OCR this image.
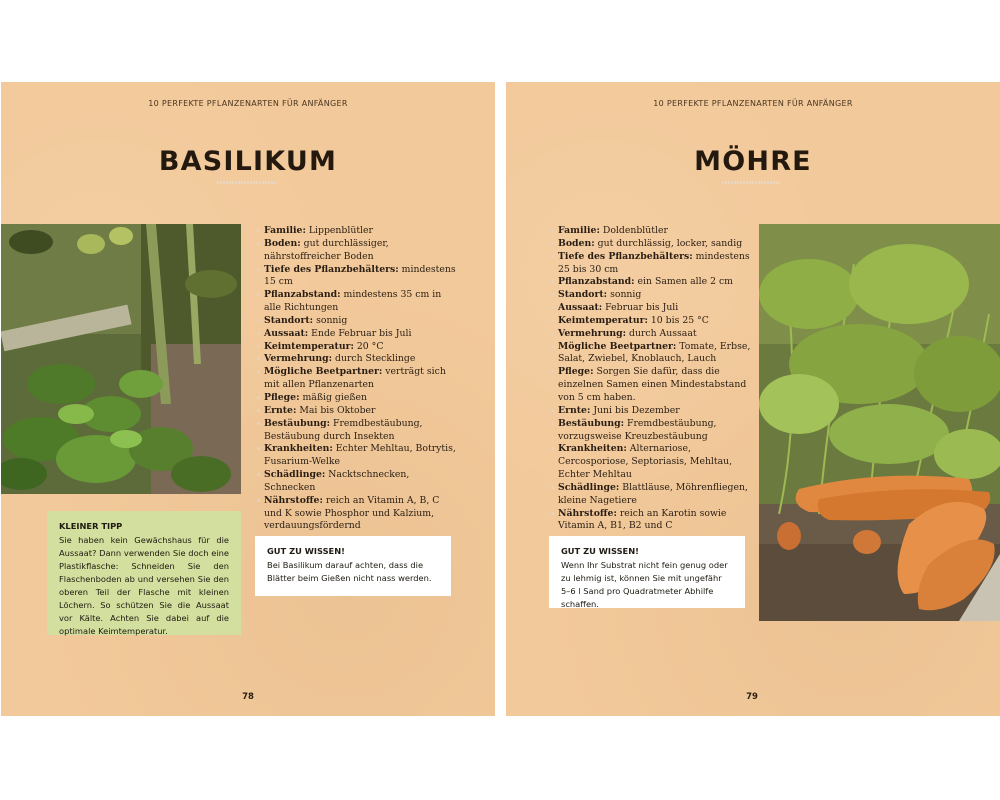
10 PERFEKTE PFLANZENARTEN FÜR ANFÄNGER
BASILIKUM
Familie: Lippenblütler
Boden: gut durchlässiger, nährstoffreicher Boden
Tiefe des Pflanzbehälters: mindestens 15 cm
Pflanzabstand: mindestens 35 cm in alle Richtungen
Standort: sonnig
Aussaat: Ende Februar bis Juli
Keimtemperatur: 20 °C
Vermehrung: durch Stecklinge
Mögliche Beetpartner: verträgt sich mit allen Pflanzenarten
Pflege: mäßig gießen
Ernte: Mai bis Oktober
Bestäubung: Fremdbestäubung, Bestäubung durch Insekten
Krankheiten: Echter Mehltau, Botrytis, Fusarium-Welke
Schädlinge: Nacktschnecken, Schnecken
Nährstoffe: reich an Vitamin A, B, C und K sowie Phosphor und Kalzium, verdauungsfördernd
KLEINER TIPP
Sie haben kein Gewächshaus für die Aussaat? Dann verwenden Sie doch eine Plastikflasche: Schneiden Sie den Flaschenboden ab und versehen Sie den oberen Teil der Flasche mit kleinen Löchern. So schützen Sie die Aussaat vor Kälte. Achten Sie dabei auf die optimale Keimtemperatur.
GUT ZU WISSEN!
Bei Basilikum darauf achten, dass die Blätter beim Gießen nicht nass werden.
78
10 PERFEKTE PFLANZENARTEN FÜR ANFÄNGER
MÖHRE
Familie: Doldenblütler
Boden: gut durchlässig, locker, sandig
Tiefe des Pflanzbehälters: mindestens 25 bis 30 cm
Pflanzabstand: ein Samen alle 2 cm
Standort: sonnig
Aussaat: Februar bis Juli
Keimtemperatur: 10 bis 25 °C
Vermehrung: durch Aussaat
Mögliche Beetpartner: Tomate, Erbse, Salat, Zwiebel, Knoblauch, Lauch
Pflege: Sorgen Sie dafür, dass die einzelnen Samen einen Mindestabstand von 5 cm haben.
Ernte: Juni bis Dezember
Bestäubung: Fremdbestäubung, vorzugsweise Kreuzbestäubung
Krankheiten: Alternariose, Cercosporiose, Septoriasis, Mehltau, Echter Mehltau
Schädlinge: Blattläuse, Möhrenfliegen, kleine Nagetiere
Nährstoffe: reich an Karotin sowie Vitamin A, B1, B2 und C
GUT ZU WISSEN!
Wenn Ihr Substrat nicht fein genug oder zu lehmig ist, können Sie mit ungefähr 5–6 l Sand pro Quadratmeter Abhilfe schaffen.
79
